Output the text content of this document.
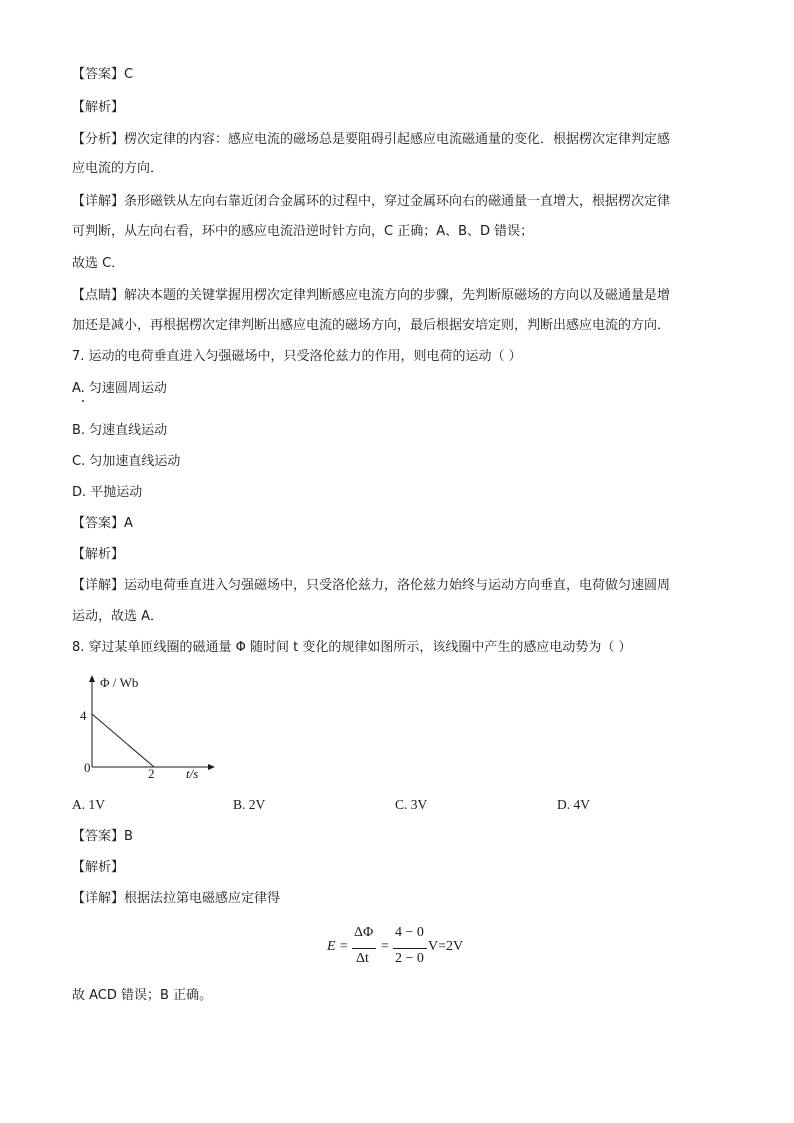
【答案】C
【解析】
【分析】楞次定律的内容：感应电流的磁场总是要阻碍引起感应电流磁通量的变化．根据楞次定律判定感
应电流的方向．
【详解】条形磁铁从左向右靠近闭合金属环的过程中，穿过金属环向右的磁通量一直增大，根据楞次定律
可判断，从左向右看，环中的感应电流沿逆时针方向，C 正确；A、B、D 错误；
故选 C．
【点睛】解决本题的关键掌握用楞次定律判断感应电流方向的步骤，先判断原磁场的方向以及磁通量是增
加还是减小，再根据楞次定律判断出感应电流的磁场方向，最后根据安培定则，判断出感应电流的方向．
7. 运动的电荷垂直进入匀强磁场中，只受洛伦兹力的作用，则电荷的运动（ ）
A. 匀速圆周运动
B. 匀速直线运动
C. 匀加速直线运动
D. 平抛运动
【答案】A
【解析】
【详解】运动电荷垂直进入匀强磁场中，只受洛伦兹力，洛伦兹力始终与运动方向垂直，电荷做匀速圆周
运动，故选 A．
8. 穿过某单匝线圈的磁通量 Φ 随时间 t 变化的规律如图所示，该线圈中产生的感应电动势为（ ）
Φ / Wb
4
0	2 t/s
A. 1V	B. 2V	C. 3V	D. 4V
【答案】B
【解析】
【详解】根据法拉第电磁感应定律得
E =
ΔΦ
Δt
=
4 − 0
2 − 0
V=2V
故 ACD 错误；B 正确。
